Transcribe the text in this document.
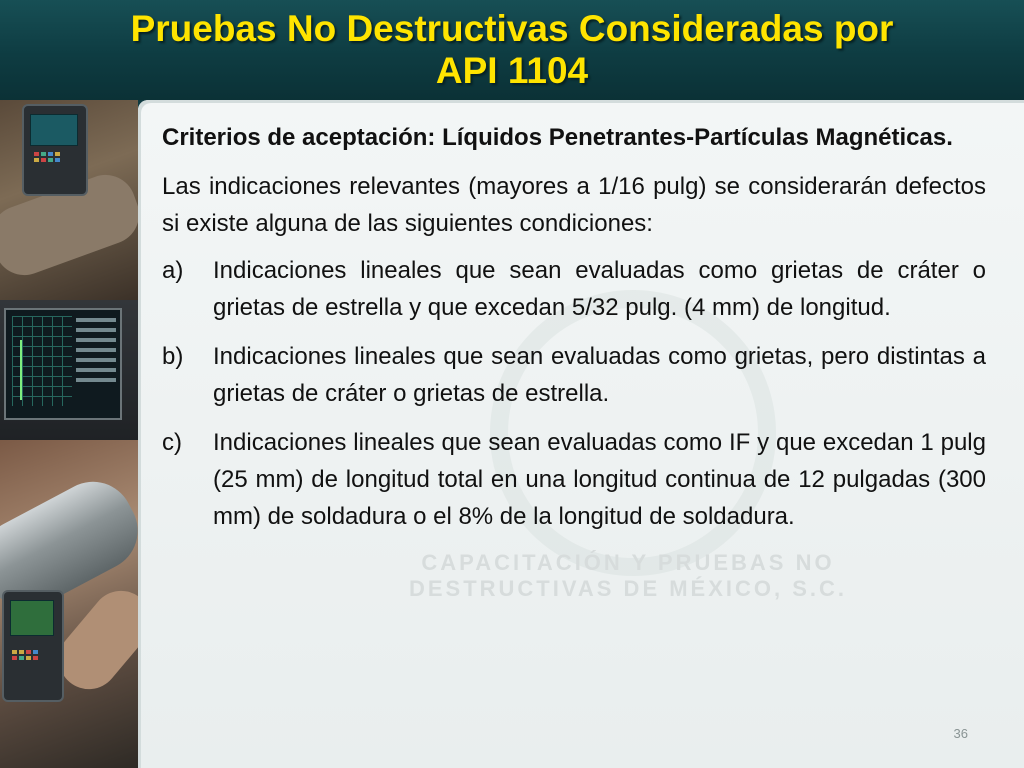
Pruebas No Destructivas Consideradas por
API 1104
CAPACITACIÓN Y PRUEBAS NO
DESTRUCTIVAS DE MÉXICO, S.C.

Criterios de aceptación: Líquidos Penetrantes-Partículas Magnéticas.

Las indicaciones relevantes (mayores a 1/16 pulg) se considerarán defectos si existe alguna de las siguientes condiciones:

a)	Indicaciones lineales que sean evaluadas como grietas de cráter o grietas de estrella y que excedan 5/32 pulg. (4 mm) de longitud.
b)	Indicaciones lineales que sean evaluadas como grietas, pero distintas a grietas de cráter o grietas de estrella.
c)	Indicaciones lineales que sean evaluadas como IF y que excedan 1 pulg (25 mm) de longitud total en una longitud continua de 12 pulgadas (300 mm) de soldadura o el 8% de la longitud de soldadura.
36
